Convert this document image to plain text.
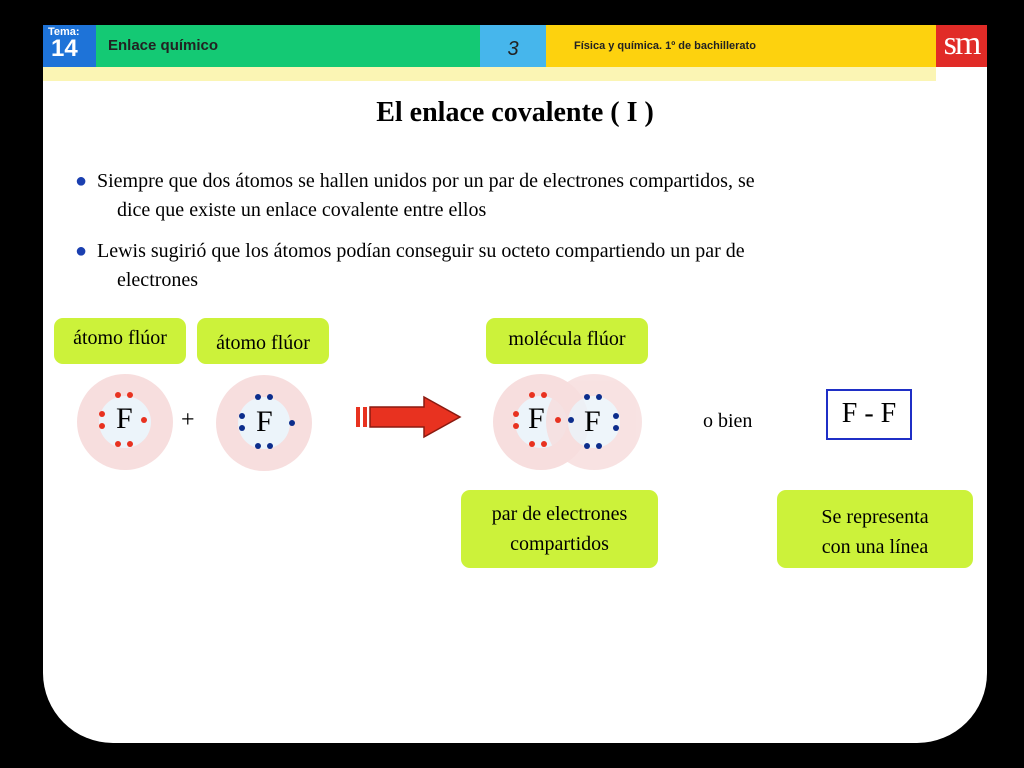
Tema:
14	Enlace químico	3	Física y química. 1º de bachillerato	sm
El enlace covalente ( I )
● Siempre que dos átomos se hallen unidos por un par de electrones compartidos, se
dice que existe un enlace covalente entre ellos
● Lewis sugirió que los átomos podían conseguir su octeto compartiendo un par de
electrones
átomo flúor	átomo flúor	molécula flúor
F + F	F F	o bien	F - F
par de electrones
compartidos
Se representa
con una línea
